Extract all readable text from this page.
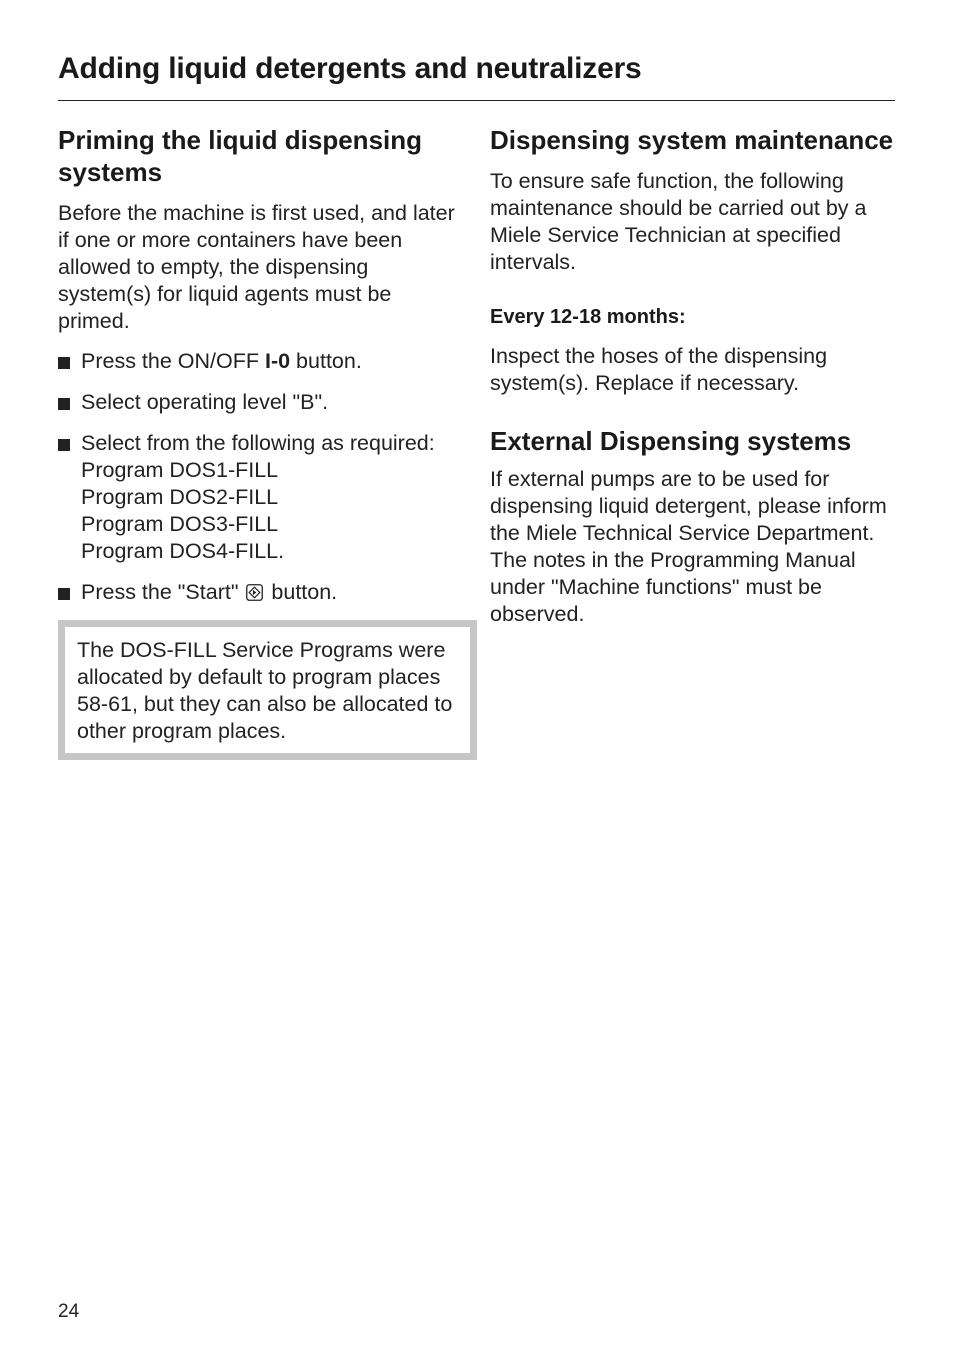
Adding liquid detergents and neutralizers
Priming the liquid dispensing systems

Before the machine is first used, and later if one or more containers have been allowed to empty, the dispensing system(s) for liquid agents must be primed.

Press the ON/OFF I-0 button.
Select operating level "B".
Select from the following as required:
Program DOS1-FILL
Program DOS2-FILL
Program DOS3-FILL
Program DOS4-FILL.
Press the "Start"  button.

The DOS-FILL Service Programs were allocated by default to program places 58-61, but they can also be allocated to other program places.

Dispensing system maintenance

To ensure safe function, the following maintenance should be carried out by a Miele Service Technician at specified intervals.

Every 12-18 months:

Inspect the hoses of the dispensing system(s). Replace if necessary.

External Dispensing systems

If external pumps are to be used for dispensing liquid detergent, please inform the Miele Technical Service Department. The notes in the Programming Manual under "Machine functions" must be observed.

24
